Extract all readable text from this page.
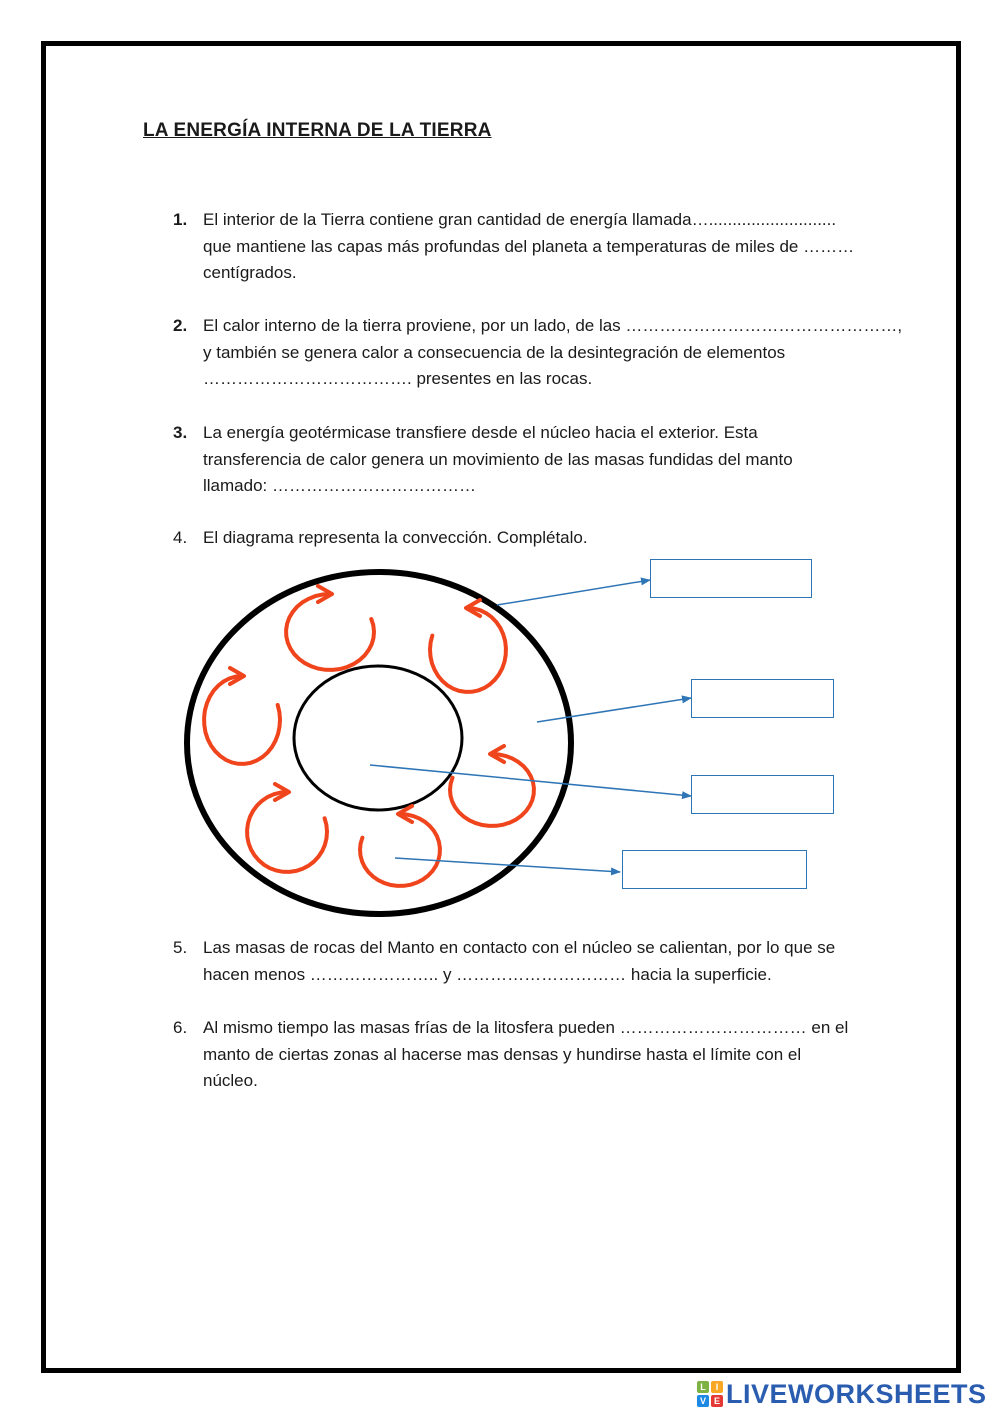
LA ENERGÍA INTERNA DE LA TIERRA
1. El interior de la Tierra contiene gran cantidad de energía llamada…...........................
que mantiene las capas más profundas del planeta a temperaturas de miles de ………
centígrados.
2. El calor interno de la tierra proviene, por un lado, de las …………………………………………,
y también se genera calor a consecuencia de la desintegración de elementos
………………………………. presentes en las rocas.
3. La energía geotérmicase transfiere desde el núcleo hacia el exterior. Esta
transferencia de calor genera un movimiento de las masas fundidas del manto
llamado: ………………………………
4. El diagrama representa la convección. Complétalo.
5. Las masas de rocas del Manto en contacto con el núcleo se calientan, por lo que se
hacen menos ………………….. y ………………………… hacia la superficie.
6. Al mismo tiempo las masas frías de la litosfera pueden …………………………… en el
manto de ciertas zonas al hacerse mas densas y hundirse hasta el límite con el
núcleo.
L	I
V E LIVEWORKSHEETS
